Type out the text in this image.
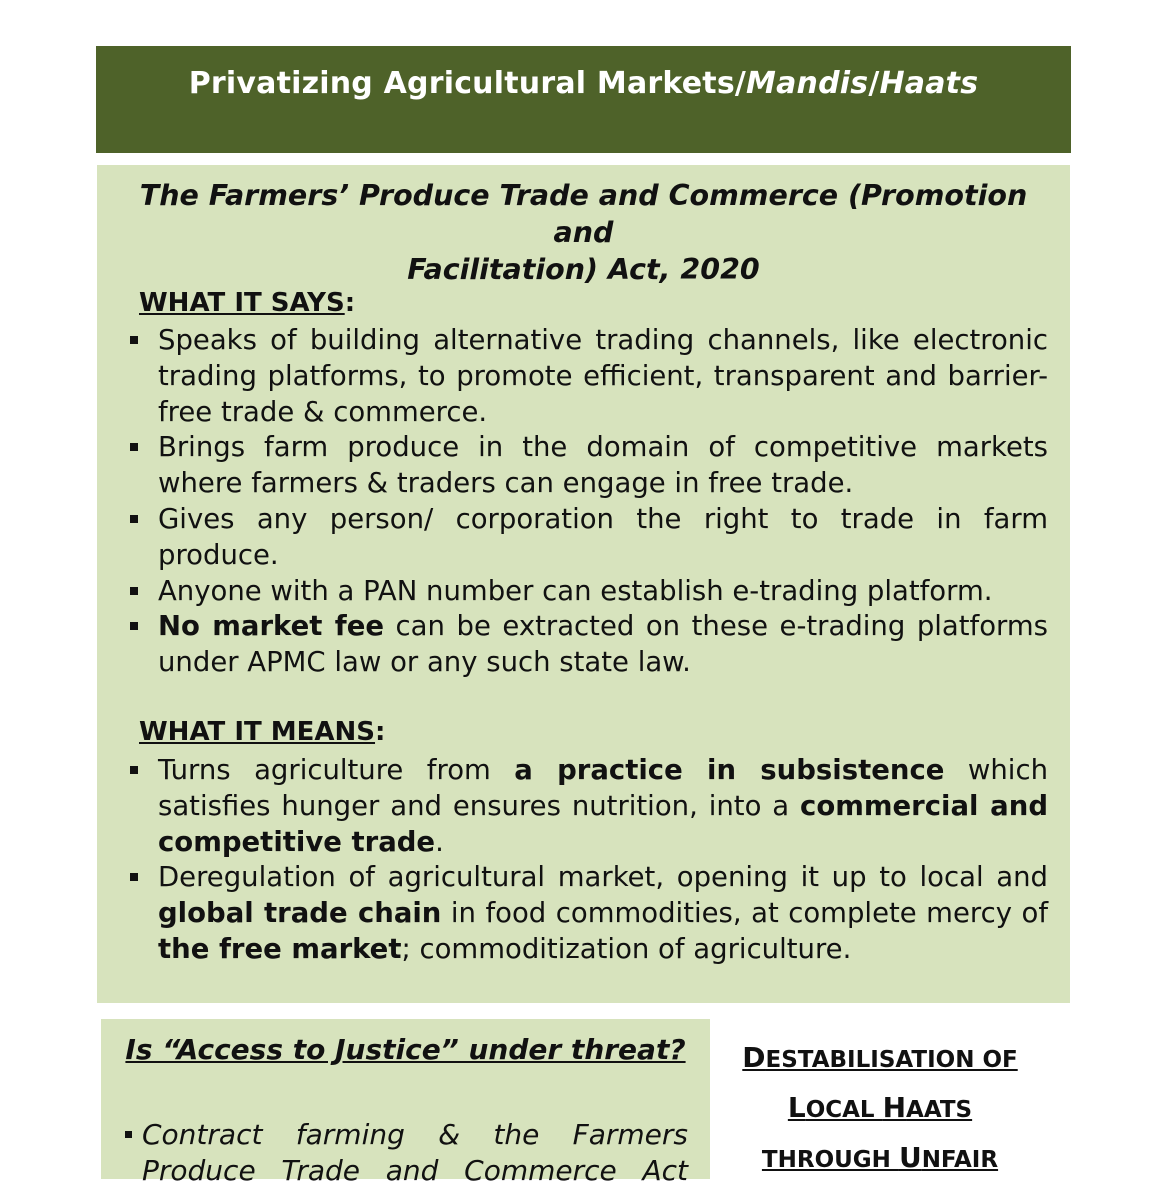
Privatizing Agricultural Markets/Mandis/Haats
The Farmers’ Produce Trade and Commerce (Promotion and
Facilitation) Act, 2020
WHAT IT SAYS:
Speaks of building alternative trading channels, like electronic trading platforms, to promote efficient, transparent and barrier-free trade & commerce.
Brings farm produce in the domain of competitive markets where farmers & traders can engage in free trade.
Gives any person/ corporation the right to trade in farm produce.
Anyone with a PAN number can establish e-trading platform.
No market fee can be extracted on these e-trading platforms under APMC law or any such state law.
WHAT IT MEANS:
Turns agriculture from a practice in subsistence which satisfies hunger and ensures nutrition, into a commercial and competitive trade.
Deregulation of agricultural market, opening it up to local and global trade chain in food commodities, at complete mercy of the free market; commoditization of agriculture.
Is “Access to Justice” under threat?
Contract farming & the Farmers
Produce Trade and Commerce Act
DESTABILISATION OF
LOCAL HAATS
THROUGH UNFAIR
